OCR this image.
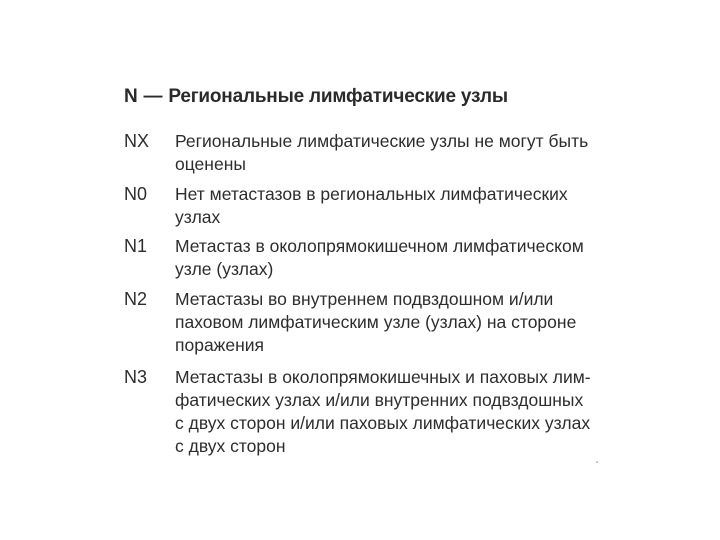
N — Регионaльные лимфатические узлы
NX	Регионaльные лимфатические узлы не могут быть
оценены
N0	Нет метастазов в регионaльных лимфатических
узлах
N1	Метастаз в околопрямокишечном лимфатическом
узле (узлах)
N2	Метастазы во внутреннем подвздошном и/или
паховом лимфатическим узле (узлах) на стороне
поражения
N3	Метастазы в околопрямокишечных и паховых лим-
фатических узлах и/или внутренних подвздошных
с двух сторон и/или паховых лимфатических узлах
с двух сторон
